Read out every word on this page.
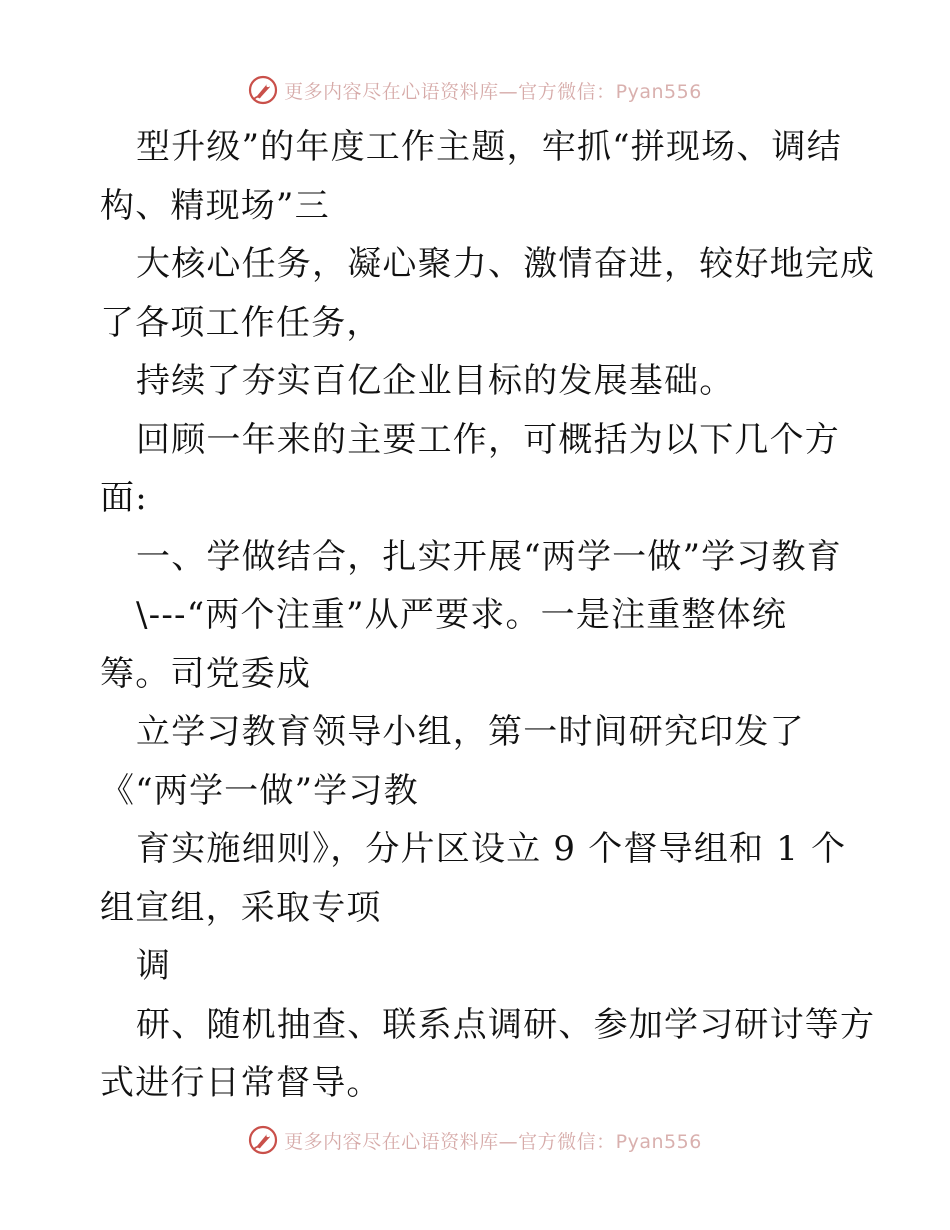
更多内容尽在心语资料库—官方微信：Pyan556
型升级”的年度工作主题，牢抓“拼现场、调结
构、精现场”三
大核心任务，凝心聚力、激情奋进，较好地完成
了各项工作任务，
持续了夯实百亿企业目标的发展基础。
回顾一年来的主要工作，可概括为以下几个方
面:
一、学做结合，扎实开展“两学一做”学习教育
\---“两个注重”从严要求。一是注重整体统
筹。司党委成
立学习教育领导小组，第一时间研究印发了
《“两学一做”学习教
育实施细则》，分片区设立 9 个督导组和 1 个
组宣组，采取专项
调
研、随机抽查、联系点调研、参加学习研讨等方
式进行日常督导。
更多内容尽在心语资料库—官方微信：Pyan556
